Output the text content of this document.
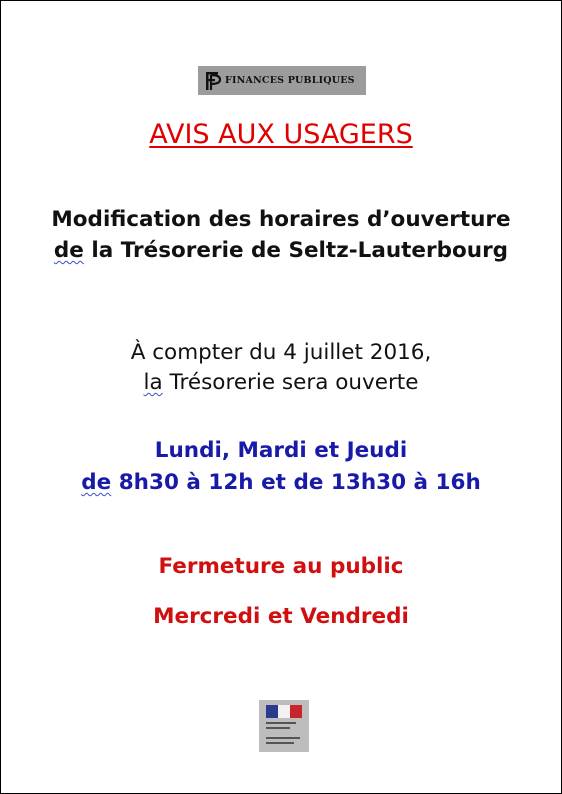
FINANCES PUBLIQUES
AVIS AUX USAGERS
Modification des horaires d’ouverture
de la Trésorerie de Seltz-Lauterbourg
À compter du 4 juillet 2016,
la Trésorerie sera ouverte
Lundi, Mardi et Jeudi
de 8h30 à 12h et de 13h30 à 16h
Fermeture au public
Mercredi et Vendredi
